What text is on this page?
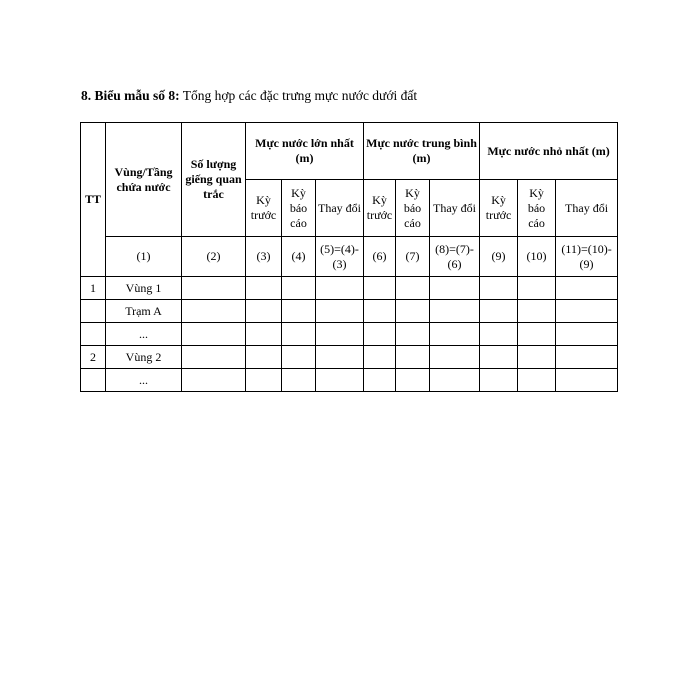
8. Biểu mẫu số 8: Tổng hợp các đặc trưng mực nước dưới đất
TT	Vùng/Tầng chứa nước	Số lượng giếng quan trắc	Mực nước lớn nhất (m)			Mực nước trung bình (m)			Mực nước nhỏ nhất (m)		
			Kỳ trước	Kỳ báo cáo	Thay đổi	Kỳ trước	Kỳ báo cáo	Thay đổi	Kỳ trước	Kỳ báo cáo	Thay đổi
	(1)	(2)	(3)	(4)	(5)=(4)-(3)	(6)	(7)	(8)=(7)-(6)	(9)	(10)	(11)=(10)-(9)
1	Vùng 1										
	Trạm A										
	...										
2	Vùng 2										
	...										
